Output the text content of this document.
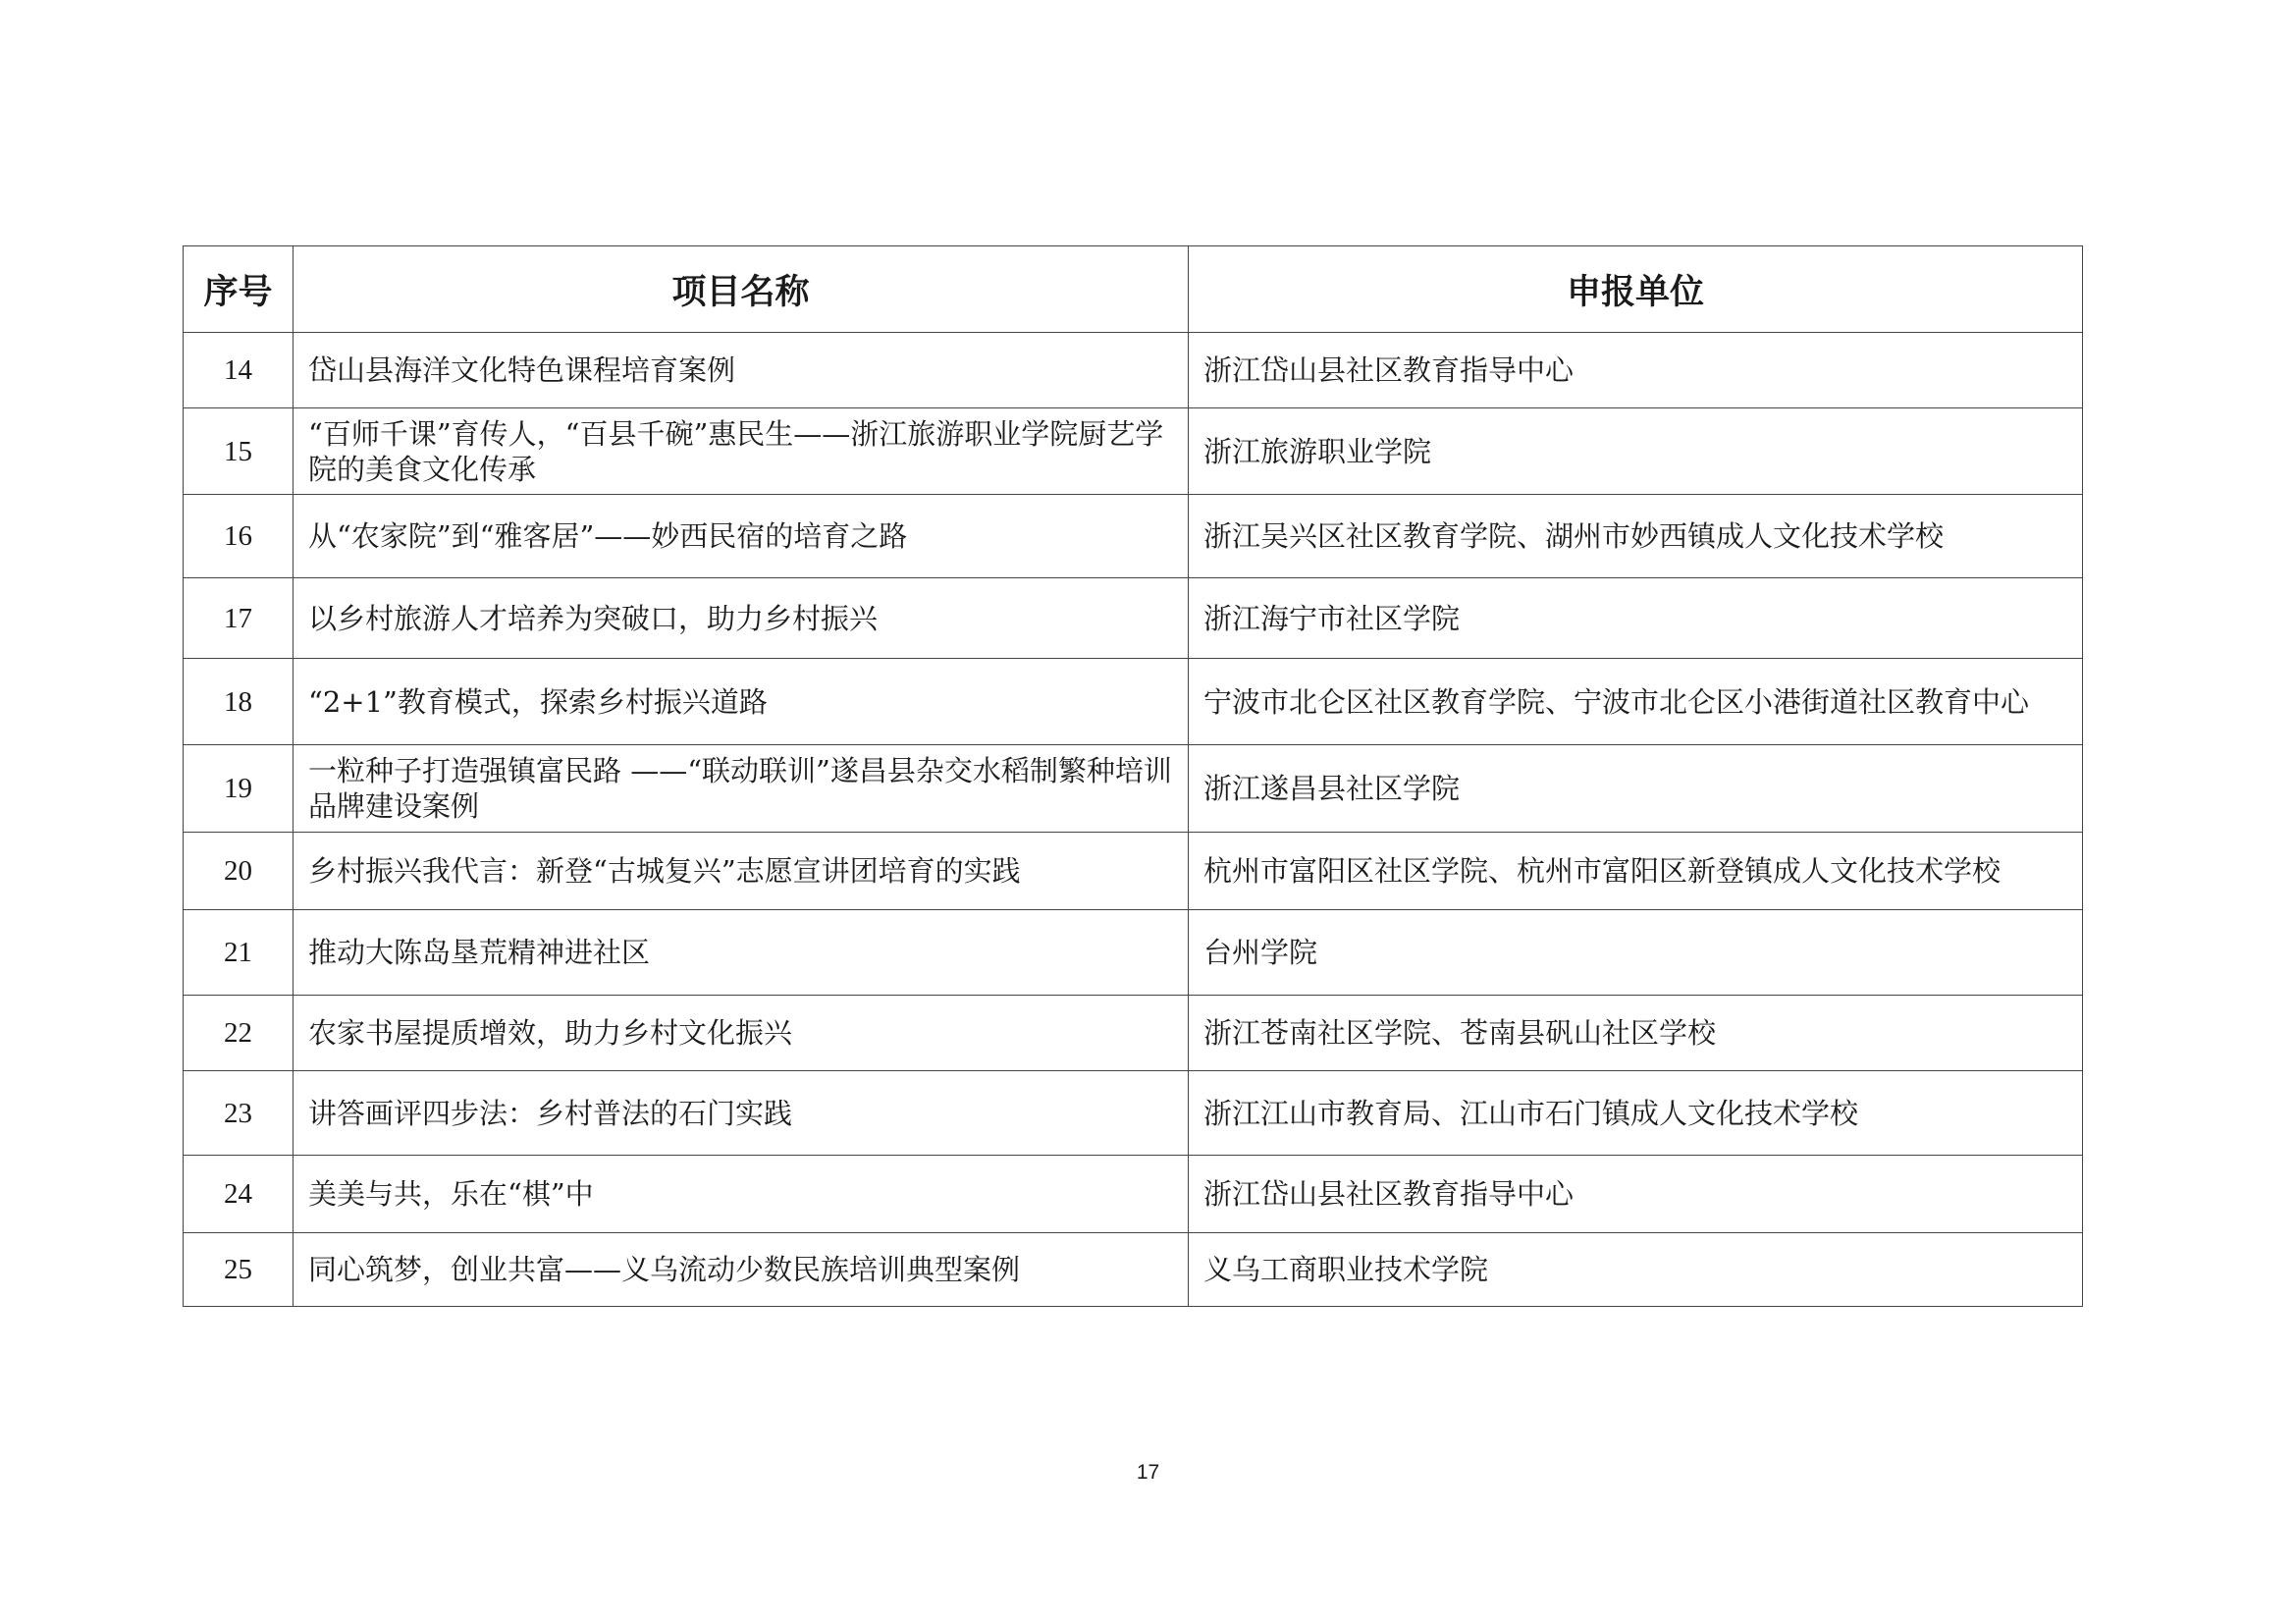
序号	项目名称	申报单位
14	岱山县海洋文化特色课程培育案例	浙江岱山县社区教育指导中心
15	“百师千课”育传人，“百县千碗”惠民生——浙江旅游职业学院厨艺学院的美食文化传承	浙江旅游职业学院
16	从“农家院”到“雅客居”——妙西民宿的培育之路	浙江吴兴区社区教育学院、湖州市妙西镇成人文化技术学校
17	以乡村旅游人才培养为突破口，助力乡村振兴	浙江海宁市社区学院
18	“2+1”教育模式，探索乡村振兴道路	宁波市北仑区社区教育学院、宁波市北仑区小港街道社区教育中心
19	一粒种子打造强镇富民路 ——“联动联训”遂昌县杂交水稻制繁种培训品牌建设案例	浙江遂昌县社区学院
20	乡村振兴我代言：新登“古城复兴”志愿宣讲团培育的实践	杭州市富阳区社区学院、杭州市富阳区新登镇成人文化技术学校
21	推动大陈岛垦荒精神进社区	台州学院
22	农家书屋提质增效，助力乡村文化振兴	浙江苍南社区学院、苍南县矾山社区学校
23	讲答画评四步法：乡村普法的石门实践	浙江江山市教育局、江山市石门镇成人文化技术学校
24	美美与共，乐在“棋”中	浙江岱山县社区教育指导中心
25	同心筑梦，创业共富——义乌流动少数民族培训典型案例	义乌工商职业技术学院
17
